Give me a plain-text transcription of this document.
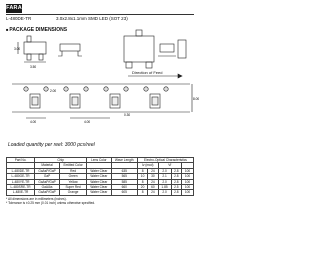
FARA
L-480DE-TR	3.0x2.8x1.1mm SMD LED (SOT 23)
■ PACKAGE DIMENSIONS
Direction of Feed
3.00
4.00
4.00
8.00
2.00
0.30
3.50
Loaded quantity per reel: 3000 pcs/reel
Part No.	Chip		Lens Color	Wave Length	Electro-Optical Characteristics				
	Material	Emitted Color			Iv (mcd)		Vf		
L-480DE-TR	GaAsP/GaP	Red	Water Clear	635	8	24	2.0	2.8	100
L-480GE-TR	GaP	Green	Water Clear	565	10	30	2.1	2.8	100
L-480YE-TR	GaAsP/GaP	Yellow	Water Clear	585	8	24	2.0	2.8	100
L-480SRE-TR	GaAlAs	Super Red	Water Clear	660	20	60	1.85	2.5	100
L-480E-TR	GaAsP/GaP	Orange	Water Clear	605	8	24	2.0	2.8	100
* All dimensions are in millimeters (inches).
* Tolerance is ±0.25 mm (0.01 inch) unless otherwise specified.
